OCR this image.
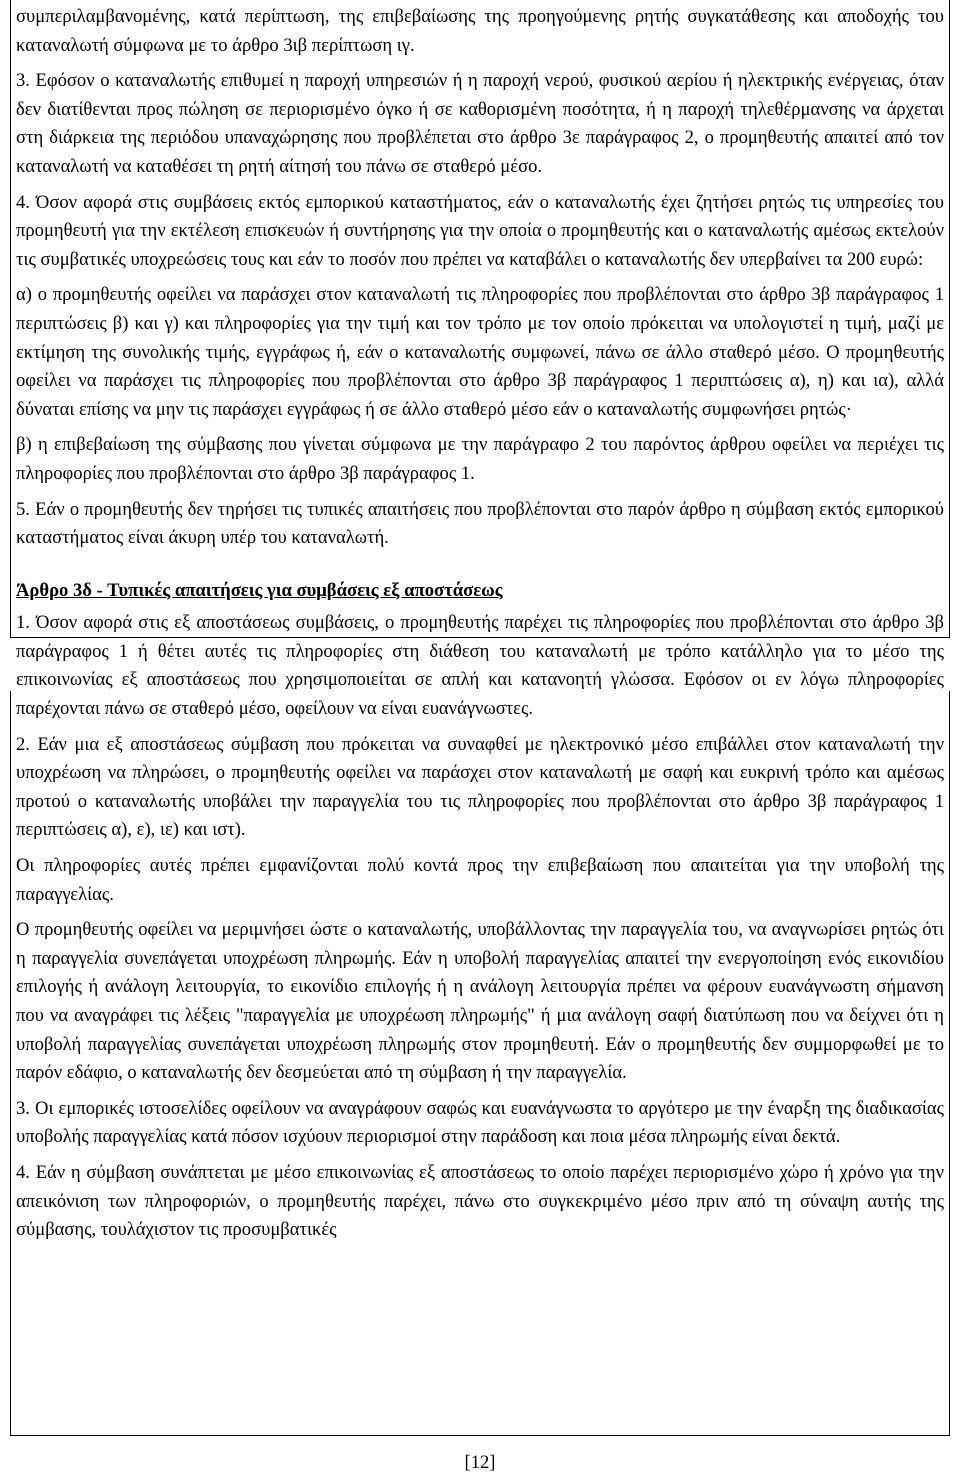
συμπεριλαμβανομένης, κατά περίπτωση, της επιβεβαίωσης της προηγούμενης ρητής συγκατάθεσης και αποδοχής του καταναλωτή σύμφωνα με το άρθρο 3ιβ περίπτωση ιγ.

3. Εφόσον ο καταναλωτής επιθυμεί η παροχή υπηρεσιών ή η παροχή νερού, φυσικού αερίου ή ηλεκτρικής ενέργειας, όταν δεν διατίθενται προς πώληση σε περιορισμένο όγκο ή σε καθορισμένη ποσότητα, ή η παροχή τηλεθέρμανσης να άρχεται στη διάρκεια της περιόδου υπαναχώρησης που προβλέπεται στο άρθρο 3ε παράγραφος 2, ο προμηθευτής απαιτεί από τον καταναλωτή να καταθέσει τη ρητή αίτησή του πάνω σε σταθερό μέσο.

4. Όσον αφορά στις συμβάσεις εκτός εμπορικού καταστήματος, εάν ο καταναλωτής έχει ζητήσει ρητώς τις υπηρεσίες του προμηθευτή για την εκτέλεση επισκευών ή συντήρησης για την οποία ο προμηθευτής και ο καταναλωτής αμέσως εκτελούν τις συμβατικές υποχρεώσεις τους και εάν το ποσόν που πρέπει να καταβάλει ο καταναλωτής δεν υπερβαίνει τα 200 ευρώ:

α) ο προμηθευτής οφείλει να παράσχει στον καταναλωτή τις πληροφορίες που προβλέπονται στο άρθρο 3β παράγραφος 1 περιπτώσεις β) και γ) και πληροφορίες για την τιμή και τον τρόπο με τον οποίο πρόκειται να υπολογιστεί η τιμή, μαζί με εκτίμηση της συνολικής τιμής, εγγράφως ή, εάν ο καταναλωτής συμφωνεί, πάνω σε άλλο σταθερό μέσο. Ο προμηθευτής οφείλει να παράσχει τις πληροφορίες που προβλέπονται στο άρθρο 3β παράγραφος 1 περιπτώσεις α), η) και ια), αλλά δύναται επίσης να μην τις παράσχει εγγράφως ή σε άλλο σταθερό μέσο εάν ο καταναλωτής συμφωνήσει ρητώς·

β) η επιβεβαίωση της σύμβασης που γίνεται σύμφωνα με την παράγραφο 2 του παρόντος άρθρου οφείλει να περιέχει τις πληροφορίες που προβλέπονται στο άρθρο 3β παράγραφος 1.

5. Εάν ο προμηθευτής δεν τηρήσει τις τυπικές απαιτήσεις που προβλέπονται στο παρόν άρθρο η σύμβαση εκτός εμπορικού καταστήματος είναι άκυρη υπέρ του καταναλωτή.

Άρθρο 3δ - Τυπικές απαιτήσεις για συμβάσεις εξ αποστάσεως

1. Όσον αφορά στις εξ αποστάσεως συμβάσεις, ο προμηθευτής παρέχει τις πληροφορίες που προβλέπονται στο άρθρο 3β παράγραφος 1 ή θέτει αυτές τις πληροφορίες στη διάθεση του καταναλωτή με τρόπο κατάλληλο για το μέσο της επικοινωνίας εξ αποστάσεως που χρησιμοποιείται σε απλή και κατανοητή γλώσσα. Εφόσον οι εν λόγω πληροφορίες παρέχονται πάνω σε σταθερό μέσο, οφείλουν να είναι ευανάγνωστες.

2. Εάν μια εξ αποστάσεως σύμβαση που πρόκειται να συναφθεί με ηλεκτρονικό μέσο επιβάλλει στον καταναλωτή την υποχρέωση να πληρώσει, ο προμηθευτής οφείλει να παράσχει στον καταναλωτή με σαφή και ευκρινή τρόπο και αμέσως προτού ο καταναλωτής υποβάλει την παραγγελία του τις πληροφορίες που προβλέπονται στο άρθρο 3β παράγραφος 1 περιπτώσεις α), ε), ιε) και ιστ).

Οι πληροφορίες αυτές πρέπει εμφανίζονται πολύ κοντά προς την επιβεβαίωση που απαιτείται για την υποβολή της παραγγελίας.

Ο προμηθευτής οφείλει να μεριμνήσει ώστε ο καταναλωτής, υποβάλλοντας την παραγγελία του, να αναγνωρίσει ρητώς ότι η παραγγελία συνεπάγεται υποχρέωση πληρωμής. Εάν η υποβολή παραγγελίας απαιτεί την ενεργοποίηση ενός εικονιδίου επιλογής ή ανάλογη λειτουργία, το εικονίδιο επιλογής ή η ανάλογη λειτουργία πρέπει να φέρουν ευανάγνωστη σήμανση που να αναγράφει τις λέξεις "παραγγελία με υποχρέωση πληρωμής" ή μια ανάλογη σαφή διατύπωση που να δείχνει ότι η υποβολή παραγγελίας συνεπάγεται υποχρέωση πληρωμής στον προμηθευτή. Εάν ο προμηθευτής δεν συμμορφωθεί με το παρόν εδάφιο, ο καταναλωτής δεν δεσμεύεται από τη σύμβαση ή την παραγγελία.

3. Οι εμπορικές ιστοσελίδες οφείλουν να αναγράφουν σαφώς και ευανάγνωστα το αργότερο με την έναρξη της διαδικασίας υποβολής παραγγελίας κατά πόσον ισχύουν περιορισμοί στην παράδοση και ποια μέσα πληρωμής είναι δεκτά.

4. Εάν η σύμβαση συνάπτεται με μέσο επικοινωνίας εξ αποστάσεως το οποίο παρέχει περιορισμένο χώρο ή χρόνο για την απεικόνιση των πληροφοριών, ο προμηθευτής παρέχει, πάνω στο συγκεκριμένο μέσο πριν από τη σύναψη αυτής της σύμβασης, τουλάχιστον τις προσυμβατικές

[12]
